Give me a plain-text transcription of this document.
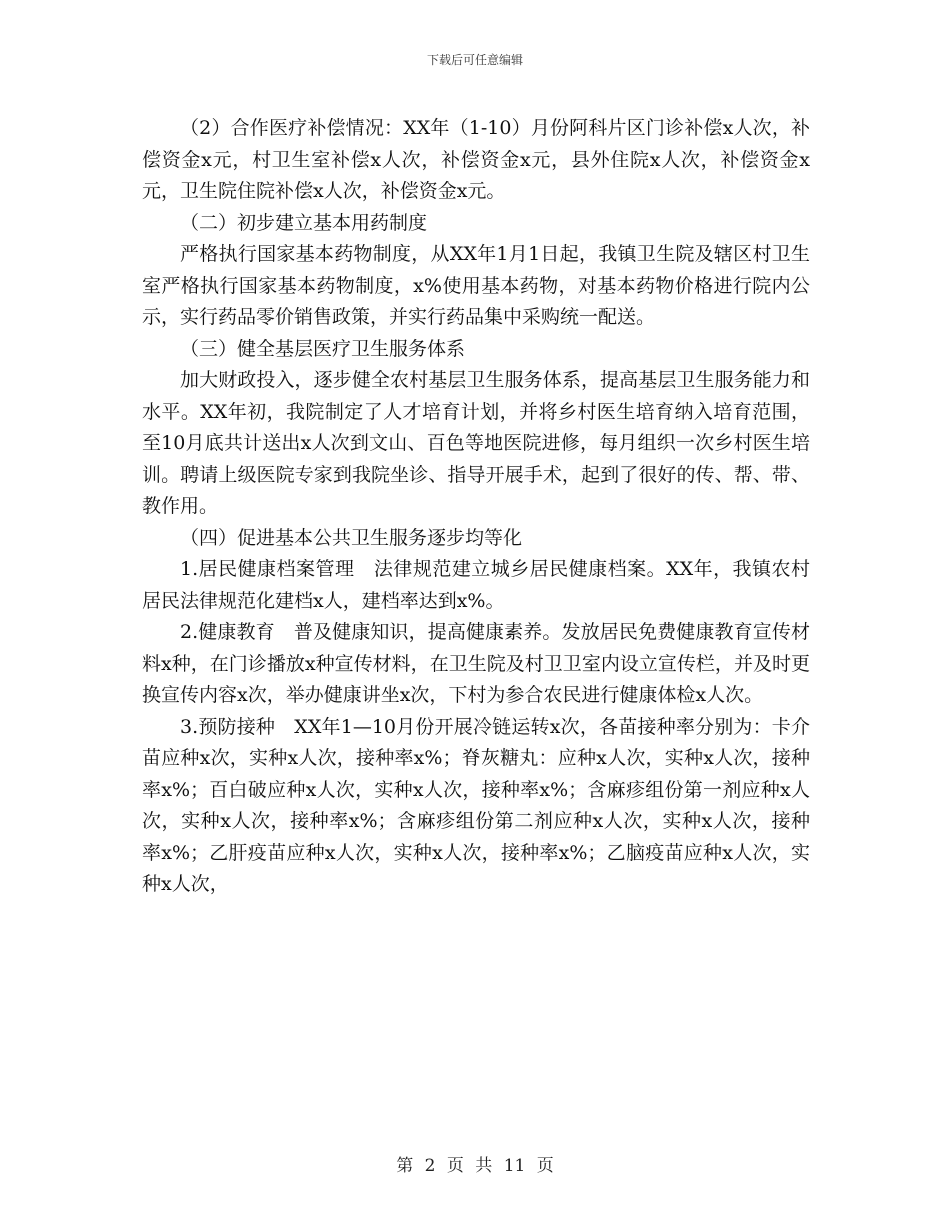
下载后可任意编辑

（2）合作医疗补偿情况：XX年（1-10）月份阿科片区门诊补偿x人次，补偿资金x元，村卫生室补偿x人次，补偿资金x元，县外住院x人次，补偿资金x元，卫生院住院补偿x人次，补偿资金x元。

（二）初步建立基本用药制度

严格执行国家基本药物制度，从XX年1月1日起，我镇卫生院及辖区村卫生室严格执行国家基本药物制度，x%使用基本药物，对基本药物价格进行院内公示，实行药品零价销售政策，并实行药品集中采购统一配送。

（三）健全基层医疗卫生服务体系

加大财政投入，逐步健全农村基层卫生服务体系，提高基层卫生服务能力和水平。XX年初，我院制定了人才培育计划，并将乡村医生培育纳入培育范围，至10月底共计送出x人次到文山、百色等地医院进修，每月组织一次乡村医生培训。聘请上级医院专家到我院坐诊、指导开展手术，起到了很好的传、帮、带、教作用。

（四）促进基本公共卫生服务逐步均等化

1.居民健康档案管理　法律规范建立城乡居民健康档案。XX年，我镇农村居民法律规范化建档x人，建档率达到x%。

2.健康教育　普及健康知识，提高健康素养。发放居民免费健康教育宣传材料x种，在门诊播放x种宣传材料，在卫生院及村卫卫室内设立宣传栏，并及时更换宣传内容x次，举办健康讲坐x次，下村为参合农民进行健康体检x人次。

3.预防接种　XX年1—10月份开展冷链运转x次，各苗接种率分别为：卡介苗应种x次，实种x人次，接种率x%；脊灰糖丸：应种x人次，实种x人次，接种率x%；百白破应种x人次，实种x人次，接种率x%；含麻疹组份第一剂应种x人次，实种x人次，接种率x%；含麻疹组份第二剂应种x人次，实种x人次，接种率x%；乙肝疫苗应种x人次，实种x人次，接种率x%；乙脑疫苗应种x人次，实种x人次，

第 2 页 共 11 页
